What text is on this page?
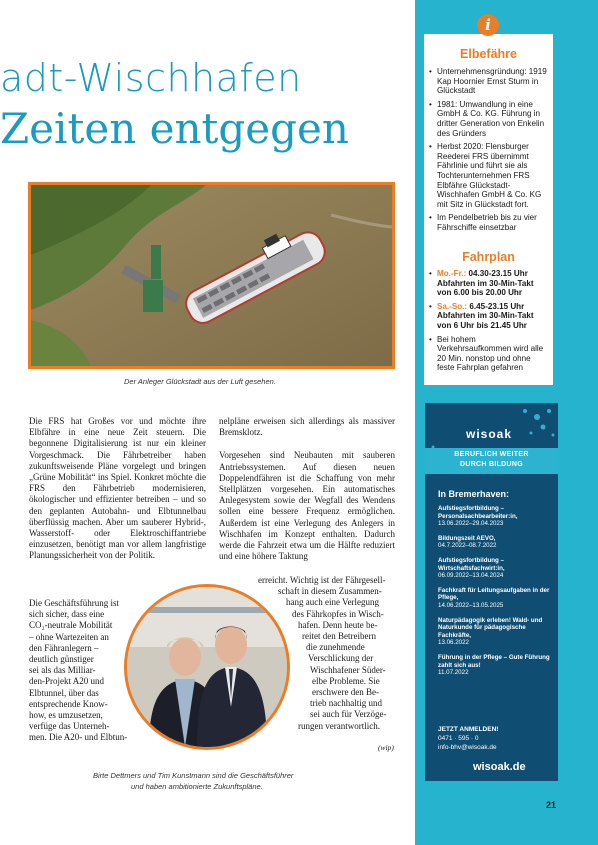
adt-Wischhafen
Zeiten entgegen
Der Anleger Glückstadt aus der Luft gesehen.

Die FRS hat Großes vor und möchte ihre Elbfähre in eine neue Zeit steuern. Die begonnene Digitalisierung ist nur ein kleiner Vorgeschmack. Die Fährbetreiber haben zukunftsweisende Pläne vorgelegt und bringen „Grüne Mobilität“ ins Spiel. Konkret möchte die FRS den Fährbetrieb modernisieren, ökologischer und effizienter betreiben – und so den geplanten Autobahn- und Elbtunnelbau überflüssig machen. Aber um sauberer Hybrid-, Wasserstoff- oder Elektroschiffantriebe einzusetzen, benötigt man vor allem langfristige Planungssicherheit von der Politik.

Die Geschäftsführung ist
sich sicher, dass eine
CO₂-neutrale Mobilität
– ohne Wartezeiten an
den Fähranlegern –
deutlich günstiger
sei als das Milliar-
den-Projekt A20 und
Elbtunnel, über das
entsprechende Know-
how, es umzusetzen,
verfüge das Unterneh-
men. Die A20- und Elbtun-

nelpläne erweisen sich allerdings als massiver Bremsklotz.

Vorgesehen sind Neubauten mit sauberen Antriebssystemen. Auf diesen neuen Doppelendfähren ist die Schaffung von mehr Stellplätzen vorgesehen. Ein automatisches Anlegesystem sowie der Wegfall des Wendens sollen eine bessere Frequenz ermöglichen. Außerdem ist eine Verlegung des Anlegers in Wischhafen im Konzept enthalten. Dadurch werde die Fahrzeit etwa um die Hälfte reduziert und eine höhere Taktung

erreicht. Wichtig ist der Fährgesell-
schaft in diesem Zusammen-
hang auch eine Verlegung
des Fährkopfes in Wisch-
hafen. Denn heute be-
reitet den Betreibern
die zunehmende
Verschlickung der
Wischhafener Süder-
elbe Probleme. Sie
erschwere den Be-
trieb nachhaltig und
sei auch für Verzöge-
rungen verantwortlich.
(wip)
Birte Dettmers und Tim Kunstmann sind die Geschäftsführer
und haben ambitionierte Zukunftspläne.
Elbefähre
• Unternehmensgründung: 1919 Kap Hoornier Ernst Sturm in Glückstadt
• 1981: Umwandlung in eine GmbH & Co. KG. Führung in dritter Generation von Enkelin des Gründers
• Herbst 2020: Flensburger Reederei FRS übernimmt Fährlinie und führt sie als Tochterunternehmen FRS Elbfähre Glückstadt-Wischhafen GmbH & Co. KG mit Sitz in Glückstadt fort.
• Im Pendelbetrieb bis zu vier Fährschiffe einsetzbar
Fahrplan
• Mo.-Fr.: 04.30-23.15 Uhr Abfahrten im 30-Min-Takt von 6.00 bis 20.00 Uhr
• Sa.-So.: 6.45-23.15 Uhr Abfahrten im 30-Min-Takt von 6 Uhr bis 21.45 Uhr
• Bei hohem Verkehrsaufkommen wird alle 20 Min. nonstop und ohne feste Fahrplan gefahren
i
wisoak
BERUFLICH WEITER
DURCH BILDUNG
In Bremerhaven:
Aufstiegsfortbildung – Personalsachbearbeiter:in,
13.06.2022–29.04.2023
Bildungszeit AEVO,
04.7.2022–08.7.2022
Aufstiegsfortbildung – Wirtschaftsfachwirt:in,
06.09.2022–13.04.2024
Fachkraft für Leitungsaufgaben in der Pflege,
14.06.2022–13.05.2025
Naturpädagogik erleben! Wald- und Naturkunde für pädagogische Fachkräfte,
13.06.2022
Führung in der Pflege – Gute Führung zahlt sich aus!
11.07.2022
JETZT ANMELDEN!
0471 · 595 · 0
info-bhv@wisoak.de
wisoak.de
21
